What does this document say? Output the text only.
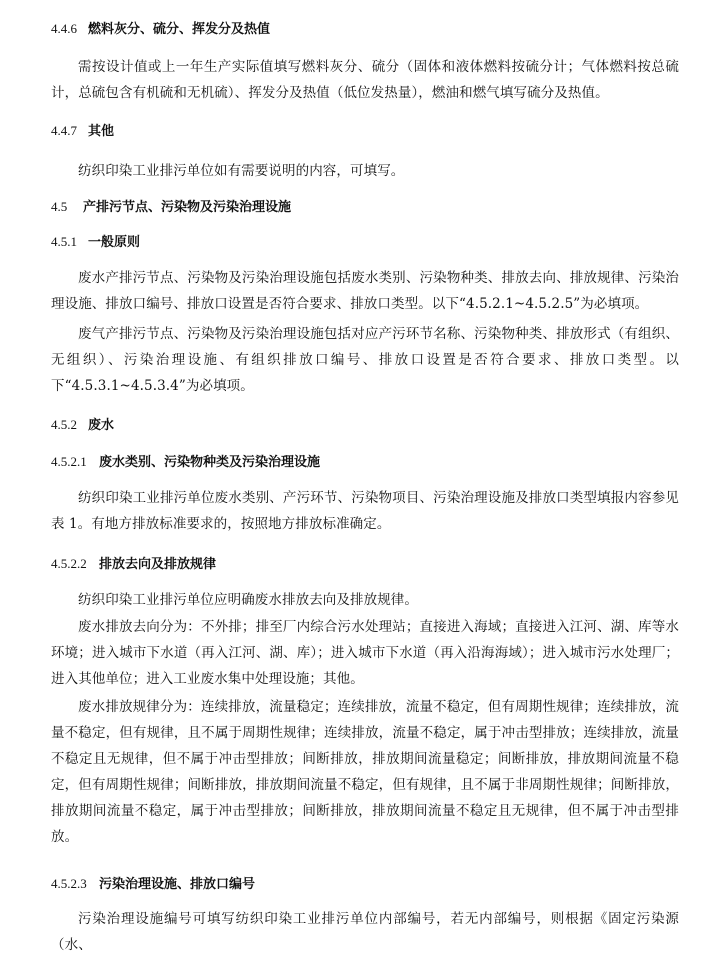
4.4.6 燃料灰分、硫分、挥发分及热值
需按设计值或上一年生产实际值填写燃料灰分、硫分（固体和液体燃料按硫分计；气体燃料按总硫计，总硫包含有机硫和无机硫）、挥发分及热值（低位发热量），燃油和燃气填写硫分及热值。
4.4.7 其他
纺织印染工业排污单位如有需要说明的内容，可填写。
4.5 产排污节点、污染物及污染治理设施
4.5.1 一般原则
废水产排污节点、污染物及污染治理设施包括废水类别、污染物种类、排放去向、排放规律、污染治理设施、排放口编号、排放口设置是否符合要求、排放口类型。以下“4.5.2.1~4.5.2.5”为必填项。
废气产排污节点、污染物及污染治理设施包括对应产污环节名称、污染物种类、排放形式（有组织、无组织）、污染治理设施、有组织排放口编号、排放口设置是否符合要求、排放口类型。以下“4.5.3.1~4.5.3.4”为必填项。
4.5.2 废水
4.5.2.1 废水类别、污染物种类及污染治理设施
纺织印染工业排污单位废水类别、产污环节、污染物项目、污染治理设施及排放口类型填报内容参见表 1。有地方排放标准要求的，按照地方排放标准确定。
4.5.2.2 排放去向及排放规律
纺织印染工业排污单位应明确废水排放去向及排放规律。
废水排放去向分为：不外排；排至厂内综合污水处理站；直接进入海域；直接进入江河、湖、库等水环境；进入城市下水道（再入江河、湖、库）；进入城市下水道（再入沿海海域）；进入城市污水处理厂；进入其他单位；进入工业废水集中处理设施；其他。
废水排放规律分为：连续排放，流量稳定；连续排放，流量不稳定，但有周期性规律；连续排放，流量不稳定，但有规律，且不属于周期性规律；连续排放，流量不稳定，属于冲击型排放；连续排放，流量不稳定且无规律，但不属于冲击型排放；间断排放，排放期间流量稳定；间断排放，排放期间流量不稳定，但有周期性规律；间断排放，排放期间流量不稳定，但有规律，且不属于非周期性规律；间断排放，排放期间流量不稳定，属于冲击型排放；间断排放，排放期间流量不稳定且无规律，但不属于冲击型排放。
4.5.2.3 污染治理设施、排放口编号
污染治理设施编号可填写纺织印染工业排污单位内部编号，若无内部编号，则根据《固定污染源（水、
